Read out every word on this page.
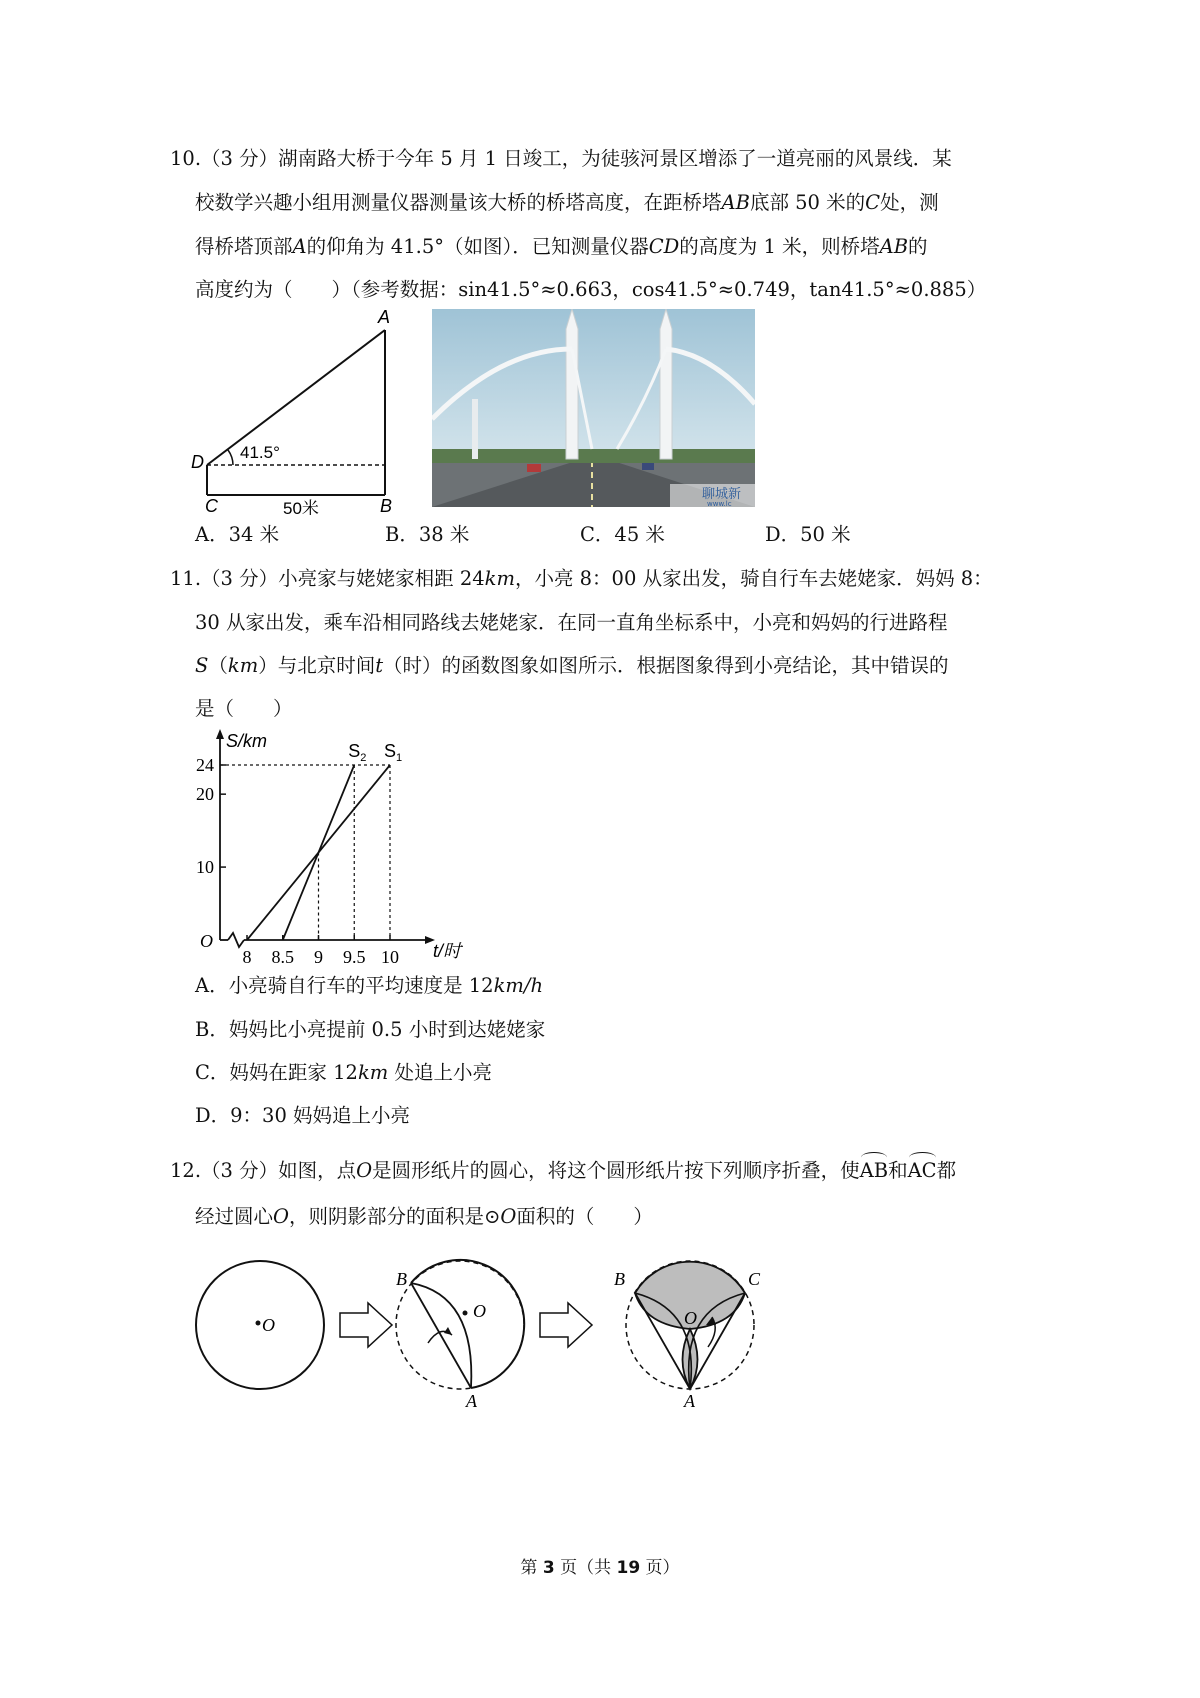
10.（3 分）湖南路大桥于今年 5 月 1 日竣工，为徒骇河景区增添了一道亮丽的风景线．某
校数学兴趣小组用测量仪器测量该大桥的桥塔高度，在距桥塔AB底部 50 米的C处，测
得桥塔顶部A的仰角为 41.5°（如图）．已知测量仪器CD的高度为 1 米，则桥塔AB的
高度约为（　　）（参考数据：sin41.5°≈0.663，cos41.5°≈0.749，tan41.5°≈0.885）
A
B
C
D 41.5°
50米
聊城新
www.lc
A．34 米	B．38 米	C．45 米	D．50 米
11.（3 分）小亮家与姥姥家相距 24km，小亮 8：00 从家出发，骑自行车去姥姥家．妈妈 8：
30 从家出发，乘车沿相同路线去姥姥家．在同一直角坐标系中，小亮和妈妈的行进路程
S（km）与北京时间t（时）的函数图象如图所示．根据图象得到小亮结论，其中错误的
是（　　）
O
S/km
t/时
8 8.5 9 9.5 10
10
20
24
$S_1$
$S_2$
A．小亮骑自行车的平均速度是 12km/h
B．妈妈比小亮提前 0.5 小时到达姥姥家
C．妈妈在距家 12km 处追上小亮
D．9：30 妈妈追上小亮
12.（3 分）如图，点O是圆形纸片的圆心，将这个圆形纸片按下列顺序折叠，使AB和AC都
经过圆心O，则阴影部分的面积是⊙O面积的（　　）
O
O
B
A
O
B	C
A
第 3 页（共 19 页）
